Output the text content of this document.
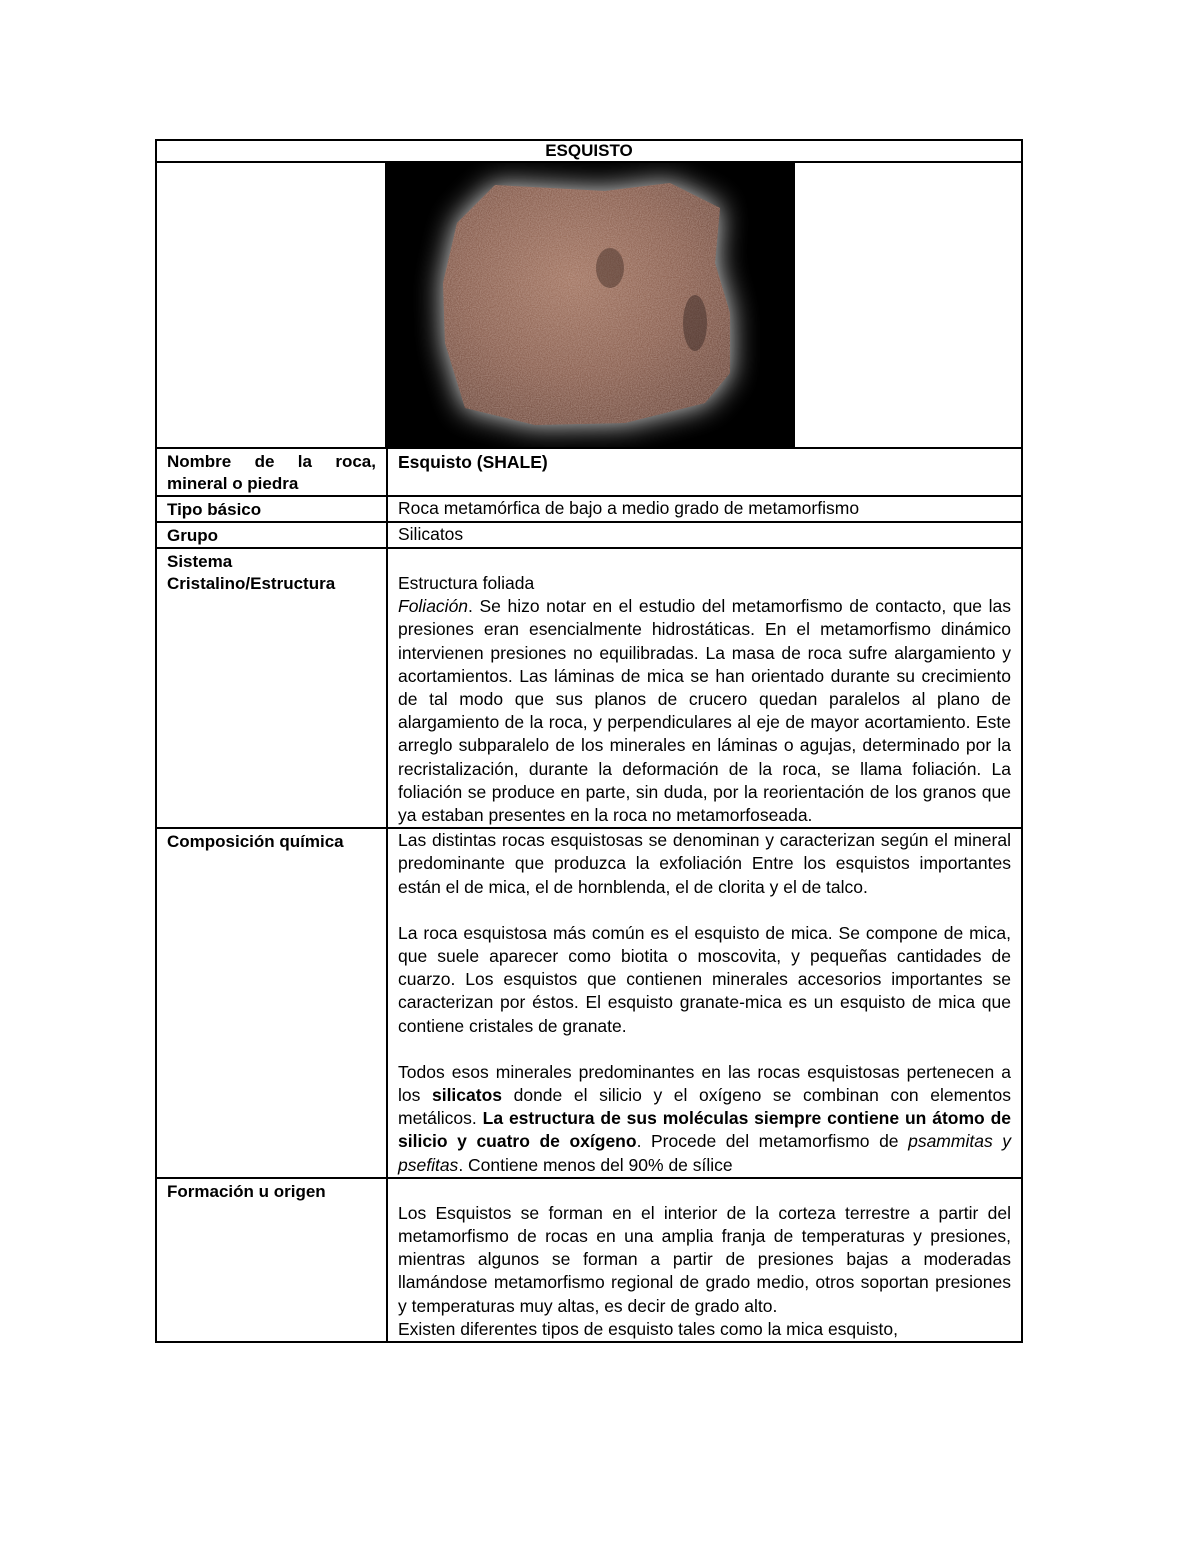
ESQUISTO	

Nombre de la roca, mineral o piedra	Esquisto (SHALE)
Tipo básico	Roca metamórfica de bajo a medio grado de metamorfismo
Grupo	Silicatos
Sistema Cristalino/Estructura	Estructura foliada

Foliación. Se hizo notar en el estudio del metamorfismo de contacto, que las presiones eran esencialmente hidrostáticas. En el metamorfismo dinámico intervienen presiones no equilibradas. La masa de roca sufre alargamiento y acortamientos. Las láminas de mica se han orientado durante su crecimiento de tal modo que sus planos de crucero quedan paralelos al plano de alargamiento de la roca, y perpendiculares al eje de mayor acortamiento. Este arreglo subparalelo de los minerales en láminas o agujas, determinado por la recristalización, durante la deformación de la roca, se llama foliación. La foliación se produce en parte, sin duda, por la reorientación de los granos que ya estaban presentes en la roca no metamorfoseada.

Composición química	Las distintas rocas esquistosas se denominan y caracterizan según el mineral predominante que produzca la exfoliación Entre los esquistos importantes están el de mica, el de hornblenda, el de clorita y el de talco.

La roca esquistosa más común es el esquisto de mica. Se compone de mica, que suele aparecer como biotita o moscovita, y pequeñas cantidades de cuarzo. Los esquistos que contienen minerales accesorios importantes se caracterizan por éstos. El esquisto granate-mica es un esquisto de mica que contiene cristales de granate.

Todos esos minerales predominantes en las rocas esquistosas pertenecen a los silicatos donde el silicio y el oxígeno se combinan con elementos metálicos. La estructura de sus moléculas siempre contiene un átomo de silicio y cuatro de oxígeno. Procede del metamorfismo de psammitas y psefitas. Contiene menos del 90% de sílice

Formación u origen	Los Esquistos se forman en el interior de la corteza terrestre a partir del metamorfismo de rocas en una amplia franja de temperaturas y presiones, mientras algunos se forman a partir de presiones bajas a moderadas llamándose metamorfismo regional de grado medio, otros soportan presiones y temperaturas muy altas, es decir de grado alto.

Existen diferentes tipos de esquisto tales como la mica esquisto,
